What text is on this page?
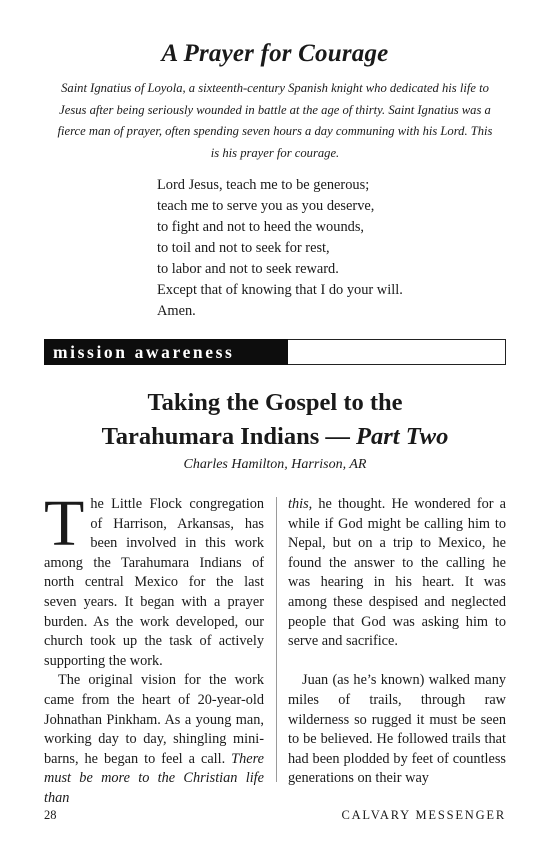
A Prayer for Courage

Saint Ignatius of Loyola, a sixteenth-century Spanish knight who dedicated his life to Jesus after being seriously wounded in battle at the age of thirty. Saint Ignatius was a fierce man of prayer, often spending seven hours a day communing with his Lord. This is his prayer for courage.

Lord Jesus, teach me to be generous;
teach me to serve you as you deserve,
to fight and not to heed the wounds,
to toil and not to seek for rest,
to labor and not to seek reward.
Except that of knowing that I do your will.
Amen.
mission awareness
Taking the Gospel to the
Tarahumara Indians — Part Two
Charles Hamilton, Harrison, AR

The Little Flock congregation of Harrison, Arkansas, has been involved in this work among the Tarahumara Indians of north central Mexico for the last seven years. It began with a prayer burden. As the work developed, our church took up the task of actively supporting the work.

The original vision for the work came from the heart of 20-year-old Johnathan Pinkham. As a young man, working day to day, shingling mini-barns, he began to feel a call. There must be more to the Christian life than

this, he thought. He wondered for a while if God might be calling him to Nepal, but on a trip to Mexico, he found the answer to the calling he was hearing in his heart. It was among these despised and neglected people that God was asking him to serve and sacrifice.

Juan (as he’s known) walked many miles of trails, through raw wilderness so rugged it must be seen to be believed. He followed trails that had been plodded by feet of countless generations on their way

28	CALVARY MESSENGER
